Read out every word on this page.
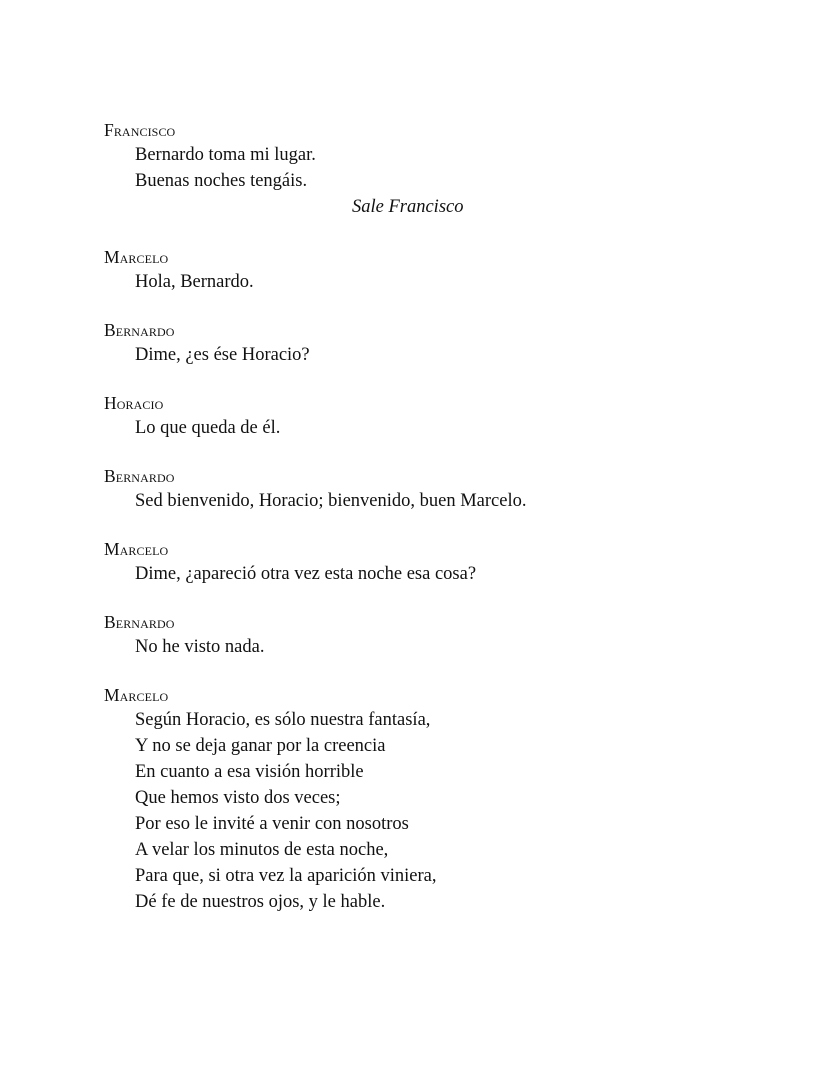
Francisco
Bernardo toma mi lugar.
Buenas noches tengáis.
Sale Francisco
Marcelo
Hola, Bernardo.
Bernardo
Dime, ¿es ése Horacio?
Horacio
Lo que queda de él.
Bernardo
Sed bienvenido, Horacio; bienvenido, buen Marcelo.
Marcelo
Dime, ¿apareció otra vez esta noche esa cosa?
Bernardo
No he visto nada.
Marcelo
Según Horacio, es sólo nuestra fantasía,
Y no se deja ganar por la creencia
En cuanto a esa visión horrible
Que hemos visto dos veces;
Por eso le invité a venir con nosotros
A velar los minutos de esta noche,
Para que, si otra vez la aparición viniera,
Dé fe de nuestros ojos, y le hable.
